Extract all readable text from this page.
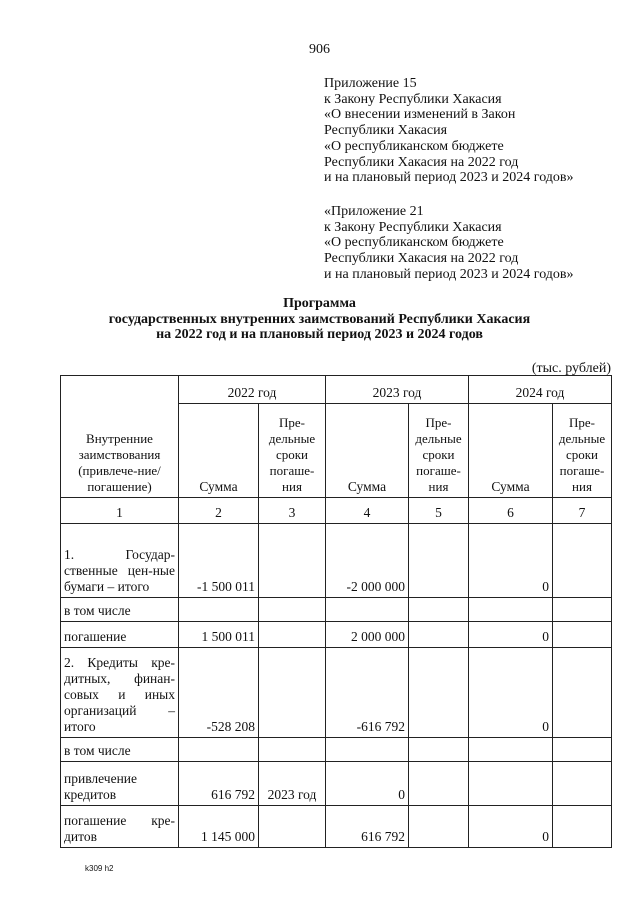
906
Приложение 15
к Закону Республики Хакасия
«О внесении изменений в Закон
Республики Хакасия
«О республиканском бюджете
Республики Хакасия на 2022 год
и на плановый период 2023 и 2024 годов»
«Приложение 21
к Закону Республики Хакасия
«О республиканском бюджете
Республики Хакасия на 2022 год
и на плановый период 2023 и 2024 годов»
Программа
государственных внутренних заимствований Республики Хакасия
на 2022 год и на плановый период 2023 и 2024 годов
(тыс. рублей)
Внутренние заимствования (привлече-ние/погашение)	2022 год		2023 год		2024 год	
	Сумма	Пре-дельные сроки погаше-ния	Сумма	Пре-дельные сроки погаше-ния	Сумма	Пре-дельные сроки погаше-ния
1	2	3	4	5	6	7
1. Государ-ственные цен-ные бумаги – итого	-1 500 011		-2 000 000		0	
в том числе						
погашение	1 500 011		2 000 000		0	
2. Кредиты кре-дитных, финан-совых и иных организаций – итого	-528 208		-616 792		0	
в том числе						
привлечение кредитов	616 792	2023 год	0			
погашение кре-дитов	1 145 000		616 792		0	
k309 h2
